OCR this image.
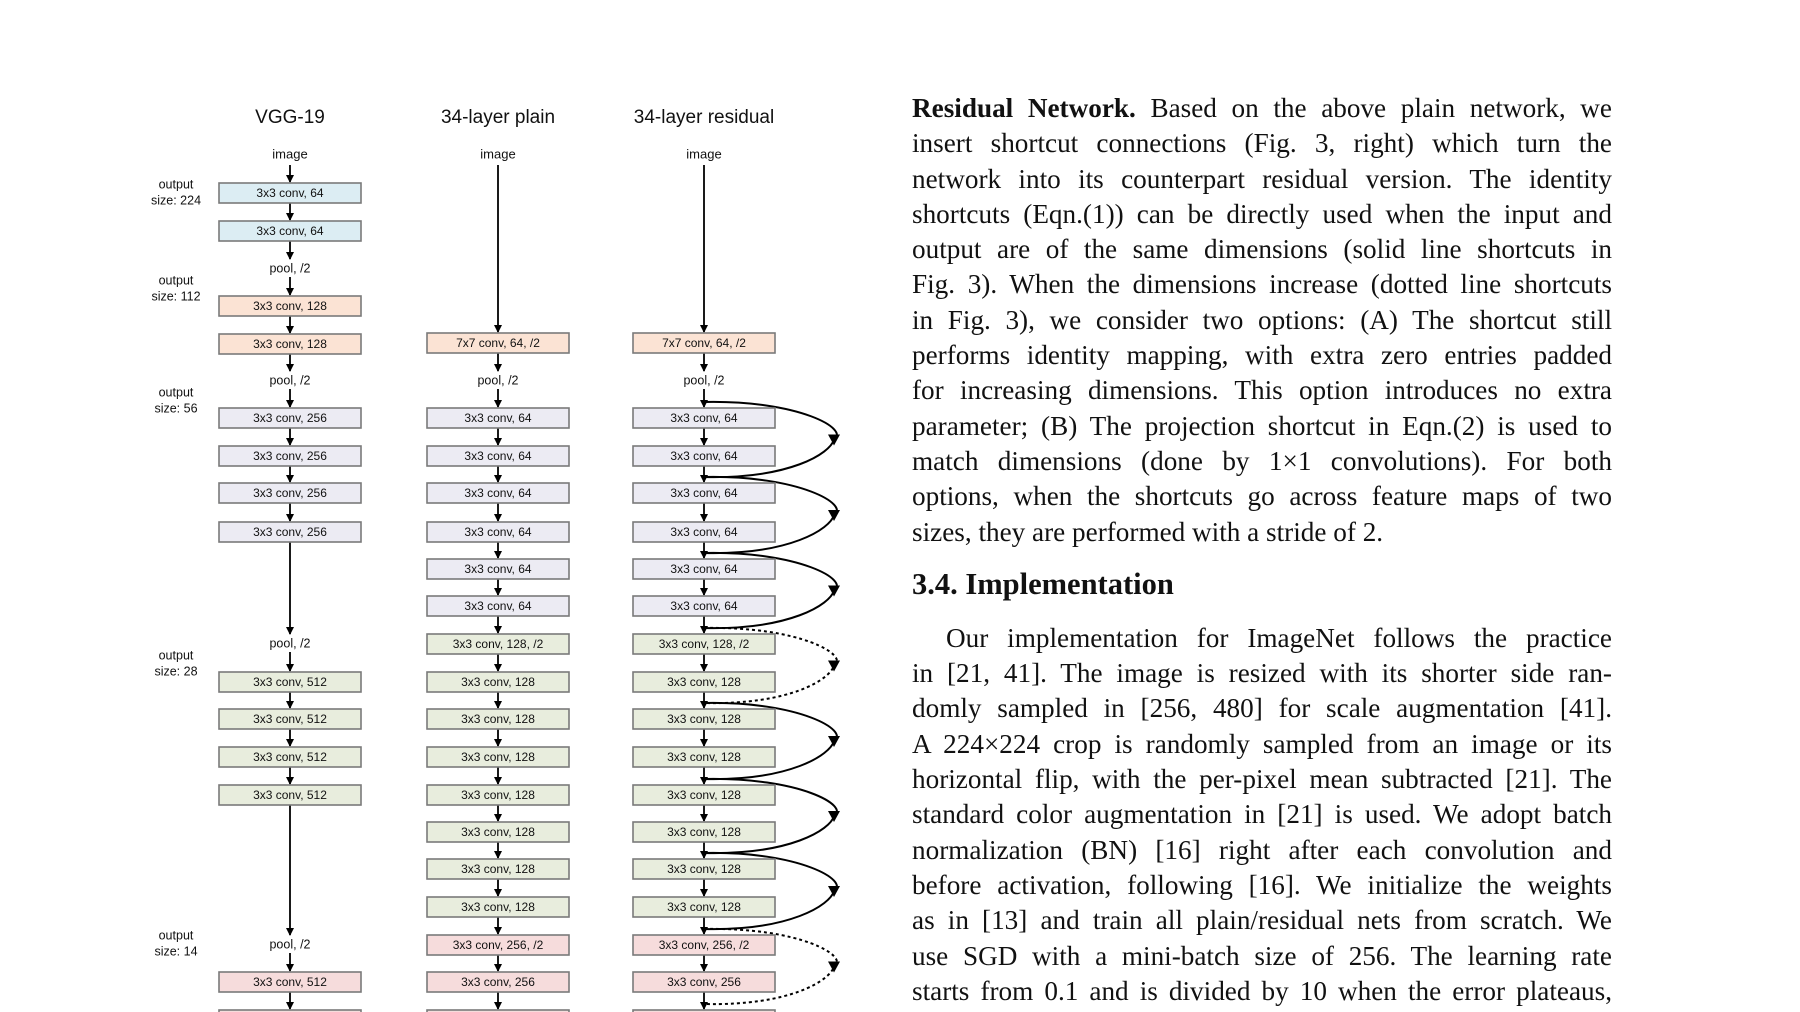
VGG-19
image
34-layer plain
image
34-layer residual
image
output
size: 224
output
size: 112
output
size: 56
output
size: 28
output
size: 14
3x3 conv, 64
3x3 conv, 64
pool, /2
3x3 conv, 128
3x3 conv, 128
pool, /2
3x3 conv, 256
3x3 conv, 256
3x3 conv, 256
3x3 conv, 256
pool, /2
3x3 conv, 512
3x3 conv, 512
3x3 conv, 512
3x3 conv, 512
pool, /2
3x3 conv, 512
7x7 conv, 64, /2
pool, /2
3x3 conv, 64
3x3 conv, 64
3x3 conv, 64
3x3 conv, 64
3x3 conv, 64
3x3 conv, 64
3x3 conv, 128, /2
3x3 conv, 128
3x3 conv, 128
3x3 conv, 128
3x3 conv, 128
3x3 conv, 128
3x3 conv, 128
3x3 conv, 128
3x3 conv, 256, /2
3x3 conv, 256
7x7 conv, 64, /2
pool, /2
3x3 conv, 64
3x3 conv, 64
3x3 conv, 64
3x3 conv, 64
3x3 conv, 64
3x3 conv, 64
3x3 conv, 128, /2
3x3 conv, 128
3x3 conv, 128
3x3 conv, 128
3x3 conv, 128
3x3 conv, 128
3x3 conv, 128
3x3 conv, 128
3x3 conv, 256, /2
3x3 conv, 256
Residual Network. Based on the above plain network, we
insert shortcut connections (Fig. 3, right) which turn the
network into its counterpart residual version. The identity
shortcuts (Eqn.(1)) can be directly used when the input and
output are of the same dimensions (solid line shortcuts in
Fig. 3). When the dimensions increase (dotted line shortcuts
in Fig. 3), we consider two options: (A) The shortcut still
performs identity mapping, with extra zero entries padded
for increasing dimensions. This option introduces no extra
parameter; (B) The projection shortcut in Eqn.(2) is used to
match dimensions (done by 1×1 convolutions). For both
options, when the shortcuts go across feature maps of two
sizes, they are performed with a stride of 2.
3.4. Implementation
Our implementation for ImageNet follows the practice
in [21, 41]. The image is resized with its shorter side ran-
domly sampled in [256, 480] for scale augmentation [41].
A 224×224 crop is randomly sampled from an image or its
horizontal flip, with the per-pixel mean subtracted [21]. The
standard color augmentation in [21] is used. We adopt batch
normalization (BN) [16] right after each convolution and
before activation, following [16]. We initialize the weights
as in [13] and train all plain/residual nets from scratch. We
use SGD with a mini-batch size of 256. The learning rate
starts from 0.1 and is divided by 10 when the error plateaus,
